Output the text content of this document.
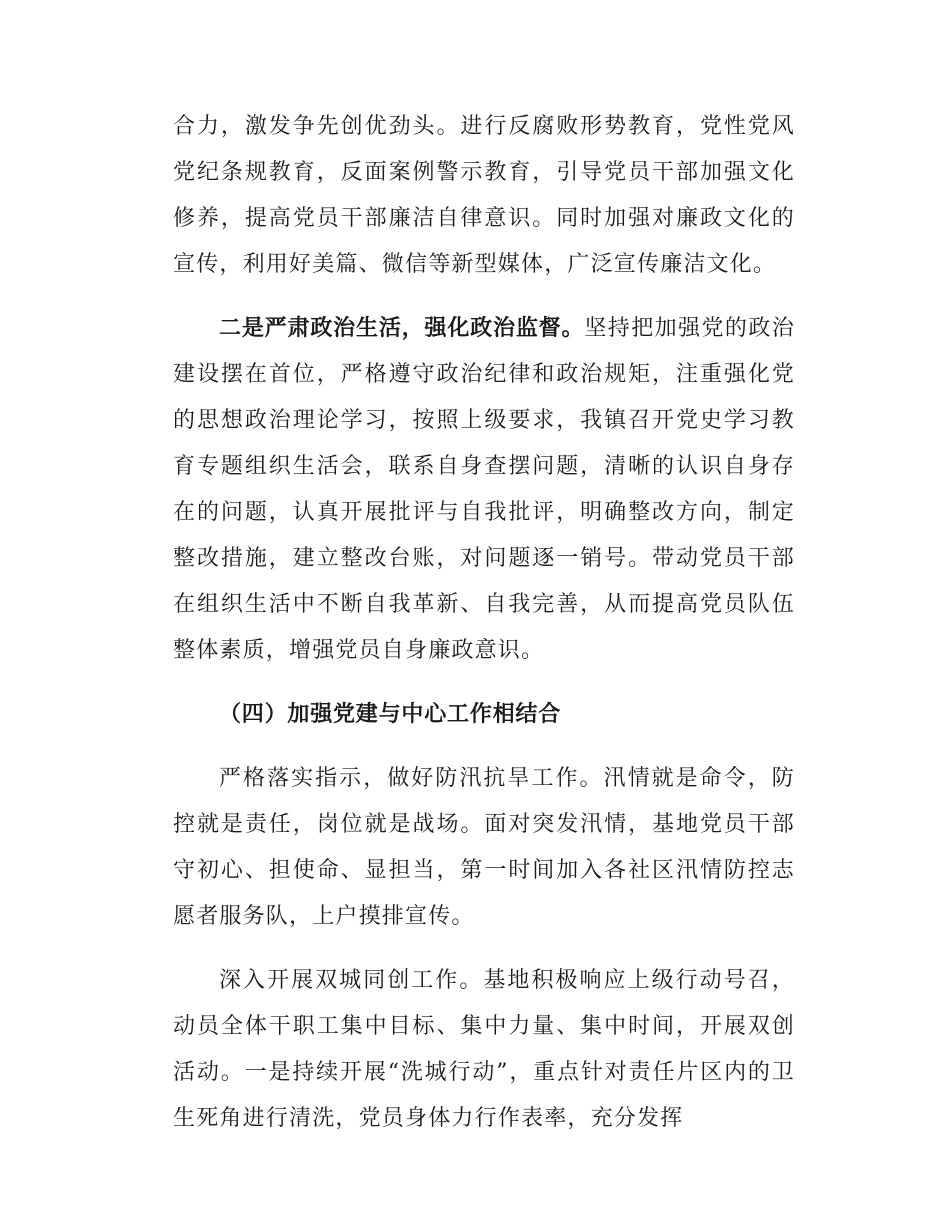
合力，激发争先创优劲头。进行反腐败形势教育，党性党风党纪条规教育，反面案例警示教育，引导党员干部加强文化修养，提高党员干部廉洁自律意识。同时加强对廉政文化的宣传，利用好美篇、微信等新型媒体，广泛宣传廉洁文化。

二是严肃政治生活，强化政治监督。坚持把加强党的政治建设摆在首位，严格遵守政治纪律和政治规矩，注重强化党的思想政治理论学习，按照上级要求，我镇召开党史学习教育专题组织生活会，联系自身查摆问题，清晰的认识自身存在的问题，认真开展批评与自我批评，明确整改方向，制定整改措施，建立整改台账，对问题逐一销号。带动党员干部在组织生活中不断自我革新、自我完善，从而提高党员队伍整体素质，增强党员自身廉政意识。

（四）加强党建与中心工作相结合

严格落实指示，做好防汛抗旱工作。汛情就是命令，防控就是责任，岗位就是战场。面对突发汛情，基地党员干部守初心、担使命、显担当，第一时间加入各社区汛情防控志愿者服务队，上户摸排宣传。

深入开展双城同创工作。基地积极响应上级行动号召，动员全体干职工集中目标、集中力量、集中时间，开展双创活动。一是持续开展“洗城行动”，重点针对责任片区内的卫生死角进行清洗，党员身体力行作表率，充分发挥
